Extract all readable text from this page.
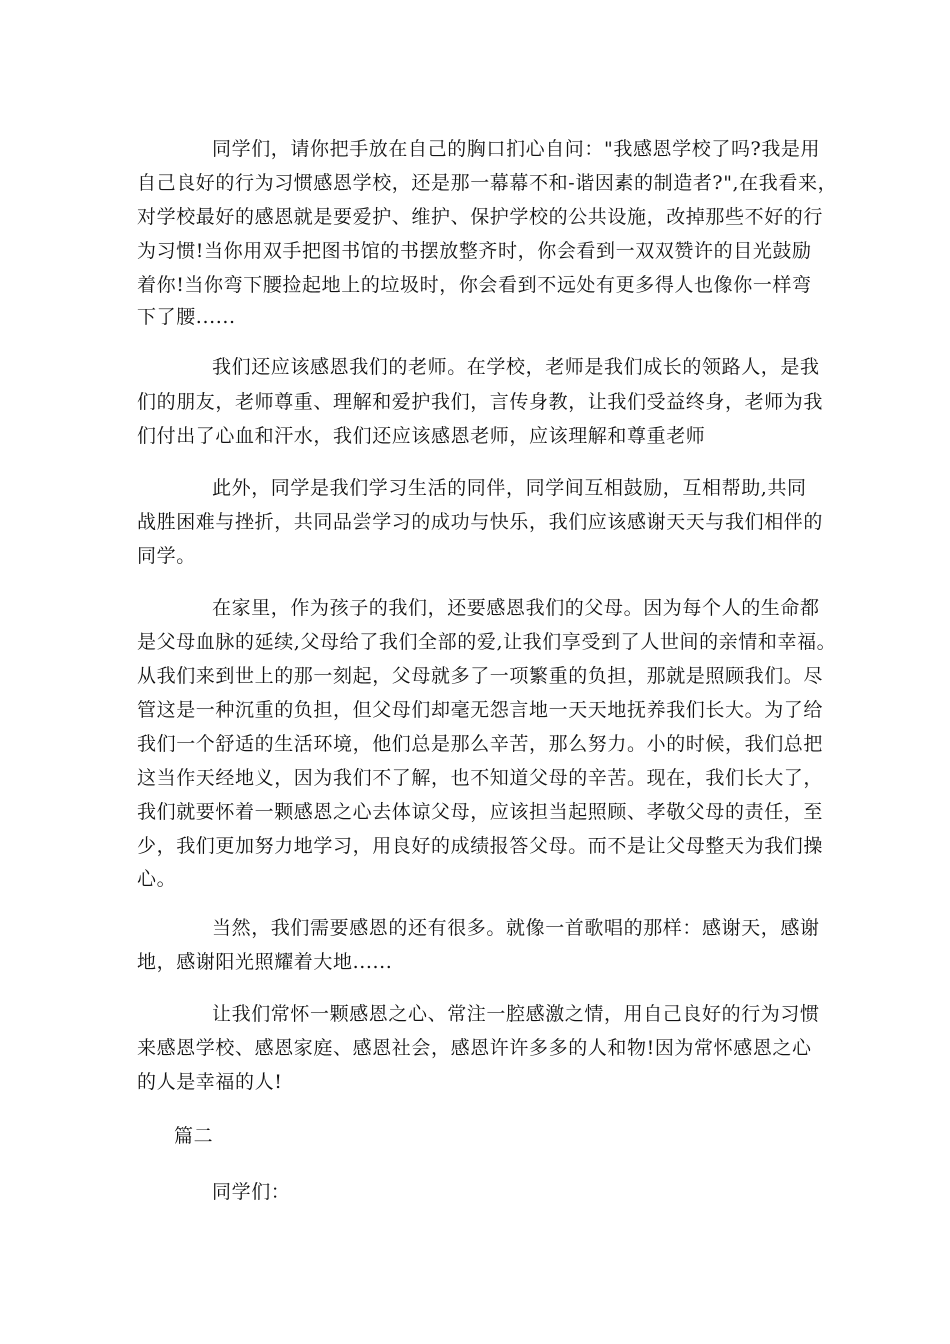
同学们，请你把手放在自己的胸口扪心自问："我感恩学校了吗?我是用
自己良好的行为习惯感恩学校，还是那一幕幕不和-谐因素的制造者?",在我看来，
对学校最好的感恩就是要爱护、维护、保护学校的公共设施，改掉那些不好的行
为习惯!当你用双手把图书馆的书摆放整齐时，你会看到一双双赞许的目光鼓励
着你!当你弯下腰捡起地上的垃圾时，你会看到不远处有更多得人也像你一样弯
下了腰......
我们还应该感恩我们的老师。在学校，老师是我们成长的领路人，是我
们的朋友，老师尊重、理解和爱护我们，言传身教，让我们受益终身，老师为我
们付出了心血和汗水，我们还应该感恩老师，应该理解和尊重老师
此外，同学是我们学习生活的同伴，同学间互相鼓励，互相帮助,共同
战胜困难与挫折，共同品尝学习的成功与快乐，我们应该感谢天天与我们相伴的
同学。
在家里，作为孩子的我们，还要感恩我们的父母。因为每个人的生命都
是父母血脉的延续,父母给了我们全部的爱,让我们享受到了人世间的亲情和幸福。
从我们来到世上的那一刻起，父母就多了一项繁重的负担，那就是照顾我们。尽
管这是一种沉重的负担，但父母们却毫无怨言地一天天地抚养我们长大。为了给
我们一个舒适的生活环境，他们总是那么辛苦，那么努力。小的时候，我们总把
这当作天经地义，因为我们不了解，也不知道父母的辛苦。现在，我们长大了，
我们就要怀着一颗感恩之心去体谅父母，应该担当起照顾、孝敬父母的责任，至
少，我们更加努力地学习，用良好的成绩报答父母。而不是让父母整天为我们操
心。
当然，我们需要感恩的还有很多。就像一首歌唱的那样：感谢天，感谢
地，感谢阳光照耀着大地......
让我们常怀一颗感恩之心、常注一腔感激之情，用自己良好的行为习惯
来感恩学校、感恩家庭、感恩社会，感恩许许多多的人和物!因为常怀感恩之心
的人是幸福的人!
篇二
同学们：
